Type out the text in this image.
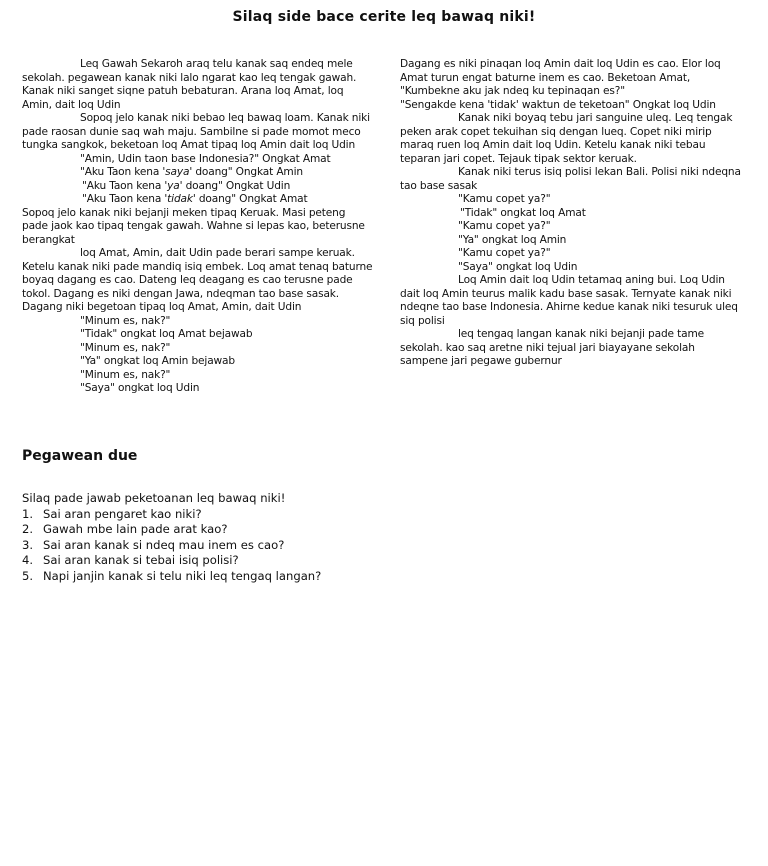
Silaq side bace cerite leq bawaq niki!

Leq Gawah Sekaroh araq telu kanak saq endeq mele sekolah. pegawean kanak niki lalo ngarat kao leq tengak gawah. Kanak niki sanget siqne patuh bebaturan. Arana loq Amat, loq Amin, dait loq Udin

Sopoq jelo kanak niki bebao leq bawaq loam. Kanak niki pade raosan dunie saq wah maju. Sambilne si pade momot meco tungka sangkok, beketoan loq Amat tipaq loq Amin dait loq Udin

"Amin, Udin taon base Indonesia?" Ongkat Amat

"Aku Taon kena 'saya' doang" Ongkat Amin

"Aku Taon kena 'ya' doang" Ongkat Udin

"Aku Taon kena 'tidak' doang" Ongkat Amat

Sopoq jelo kanak niki bejanji meken tipaq Keruak. Masi peteng pade jaok kao tipaq tengak gawah. Wahne si lepas kao, beterusne berangkat

loq Amat, Amin, dait Udin pade berari sampe keruak. Ketelu kanak niki pade mandiq isiq embek. Loq amat tenaq baturne boyaq dagang es cao. Dateng leq deagang es cao terusne pade tokol. Dagang es niki dengan Jawa, ndeqman tao base sasak. Dagang niki begetoan tipaq loq Amat, Amin, dait Udin

"Minum es, nak?"

"Tidak" ongkat loq Amat bejawab

"Minum es, nak?"

"Ya" ongkat loq Amin bejawab

"Minum es, nak?"

"Saya" ongkat loq Udin

Dagang es niki pinaqan loq Amin dait loq Udin es cao. Elor loq Amat turun engat baturne inem es cao. Beketoan Amat, "Kumbekne aku jak ndeq ku tepinaqan es?"

"Sengakde kena 'tidak' waktun de teketoan" Ongkat loq Udin

Kanak niki boyaq tebu jari sanguine uleq. Leq tengak peken arak copet tekuihan siq dengan lueq. Copet niki mirip maraq ruen loq Amin dait loq Udin. Ketelu kanak niki tebau teparan jari copet. Tejauk tipak sektor keruak.

Kanak niki terus isiq polisi lekan Bali. Polisi niki ndeqna tao base sasak

"Kamu copet ya?"

"Tidak" ongkat loq Amat

"Kamu copet ya?"

"Ya" ongkat loq Amin

"Kamu copet ya?"

"Saya" ongkat loq Udin

Loq Amin dait loq Udin tetamaq aning bui. Loq Udin dait loq Amin teurus malik kadu base sasak. Ternyate kanak niki ndeqne tao base Indonesia. Ahirne kedue kanak niki tesuruk uleq siq polisi

leq tengaq langan kanak niki bejanji pade tame sekolah. kao saq aretne niki tejual jari biayayane sekolah sampene jari pegawe gubernur

Pegawean due

Silaq pade jawab peketoanan leq bawaq niki!

1. Sai aran pengaret kao niki?
2. Gawah mbe lain pade arat kao?
3. Sai aran kanak si ndeq mau inem es cao?
4. Sai aran kanak si tebai isiq polisi?
5. Napi janjin kanak si telu niki leq tengaq langan?
